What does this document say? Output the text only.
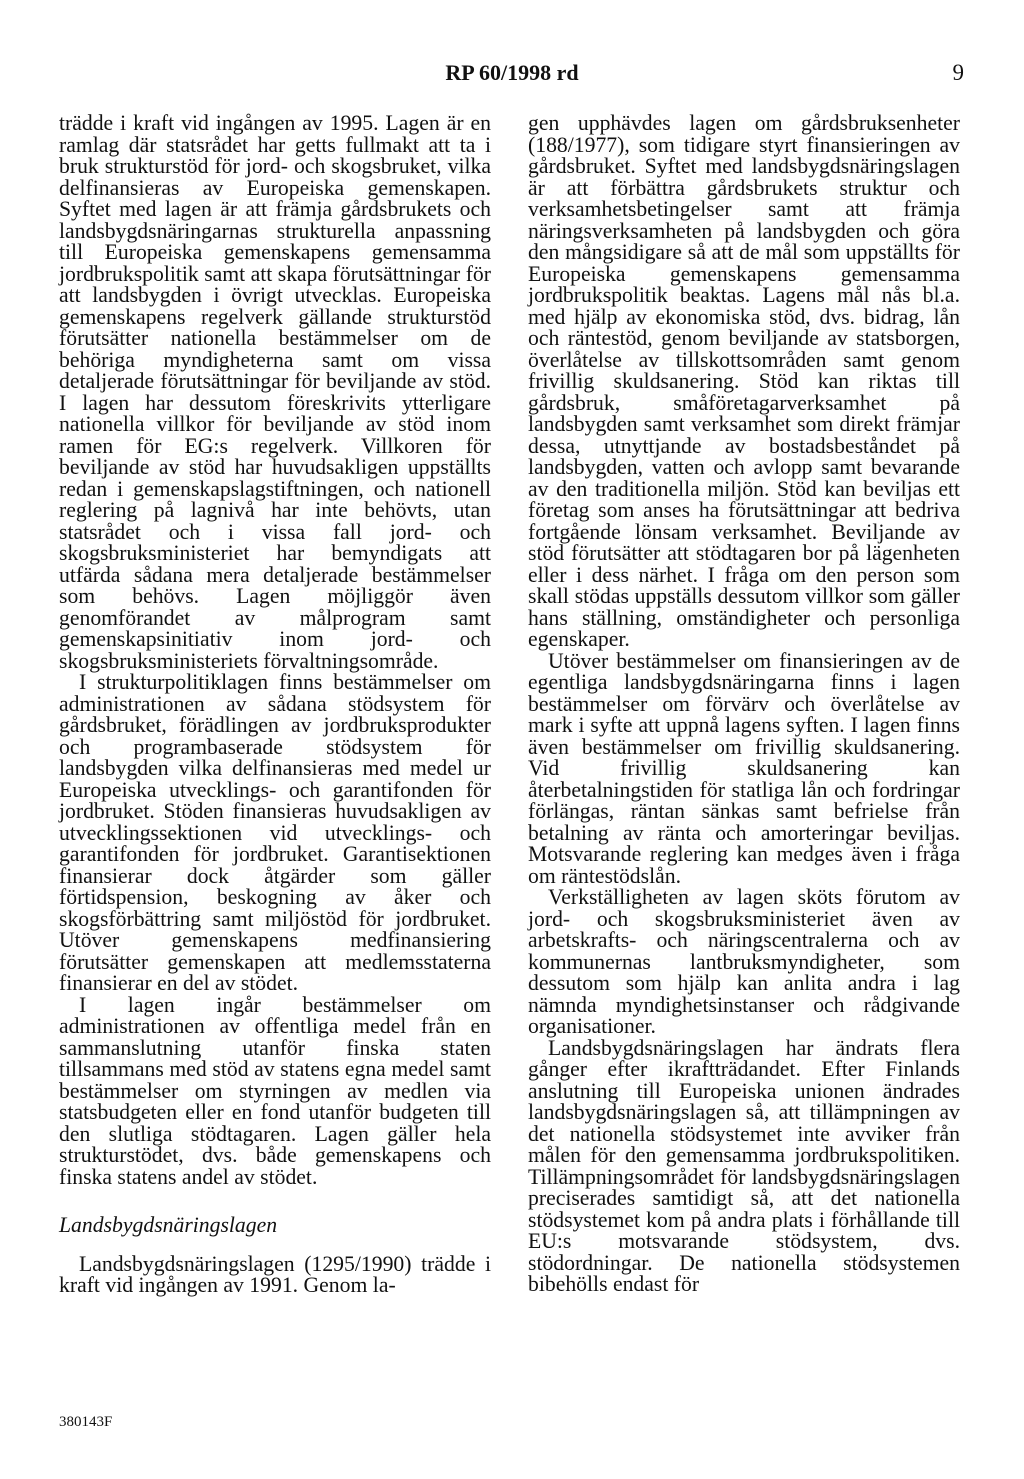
RP 60/1998 rd	9

trädde i kraft vid ingången av 1995. Lagen är en ramlag där statsrådet har getts fullmakt att ta i bruk strukturstöd för jord- och skogsbruket, vilka delfinansieras av Europeiska gemenskapen. Syftet med lagen är att främja gårdsbrukets och landsbygdsnäringarnas strukturella anpassning till Europeiska gemenskapens gemensamma jordbrukspolitik samt att skapa förutsättningar för att landsbygden i övrigt utvecklas. Europeiska gemenskapens regelverk gällande strukturstöd förutsätter nationella bestämmelser om de behöriga myndigheterna samt om vissa detaljerade förutsättningar för beviljande av stöd. I lagen har dessutom föreskrivits ytterligare nationella villkor för beviljande av stöd inom ramen för EG:s regelverk. Villkoren för beviljande av stöd har huvudsakligen uppställts redan i gemenskapslagstiftningen, och nationell reglering på lagnivå har inte behövts, utan statsrådet och i vissa fall jord- och skogsbruksministeriet har bemyndigats att utfärda sådana mera detaljerade bestämmelser som behövs. Lagen möjliggör även genomförandet av målprogram samt gemenskapsinitiativ inom jord- och skogsbruksministeriets förvaltningsområde.

I strukturpolitiklagen finns bestämmelser om administrationen av sådana stödsystem för gårdsbruket, förädlingen av jordbruksprodukter och programbaserade stödsystem för landsbygden vilka delfinansieras med medel ur Europeiska utvecklings- och garantifonden för jordbruket. Stöden finansieras huvudsakligen av utvecklingssektionen vid utvecklings- och garantifonden för jordbruket. Garantisektionen finansierar dock åtgärder som gäller förtidspension, beskogning av åker och skogsförbättring samt miljöstöd för jordbruket. Utöver gemenskapens medfinansiering förutsätter gemenskapen att medlemsstaterna finansierar en del av stödet.

I lagen ingår bestämmelser om administrationen av offentliga medel från en sammanslutning utanför finska staten tillsammans med stöd av statens egna medel samt bestämmelser om styrningen av medlen via statsbudgeten eller en fond utanför budgeten till den slutliga stödtagaren. Lagen gäller hela strukturstödet, dvs. både gemenskapens och finska statens andel av stödet.

Landsbygdsnäringslagen

Landsbygdsnäringslagen (1295/1990) trädde i kraft vid ingången av 1991. Genom la-

gen upphävdes lagen om gårdsbruksenheter (188/1977), som tidigare styrt finansieringen av gårdsbruket. Syftet med landsbygdsnäringslagen är att förbättra gårdsbrukets struktur och verksamhetsbetingelser samt att främja näringsverksamheten på landsbygden och göra den mångsidigare så att de mål som uppställts för Europeiska gemenskapens gemensamma jordbrukspolitik beaktas. Lagens mål nås bl.a. med hjälp av ekonomiska stöd, dvs. bidrag, lån och räntestöd, genom beviljande av statsborgen, överlåtelse av tillskottsområden samt genom frivillig skuldsanering. Stöd kan riktas till gårdsbruk, småföretagarverksamhet på landsbygden samt verksamhet som direkt främjar dessa, utnyttjande av bostadsbeståndet på landsbygden, vatten och avlopp samt bevarande av den traditionella miljön. Stöd kan beviljas ett företag som anses ha förutsättningar att bedriva fortgående lönsam verksamhet. Beviljande av stöd förutsätter att stödtagaren bor på lägenheten eller i dess närhet. I fråga om den person som skall stödas uppställs dessutom villkor som gäller hans ställning, omständigheter och personliga egenskaper.

Utöver bestämmelser om finansieringen av de egentliga landsbygdsnäringarna finns i lagen bestämmelser om förvärv och överlåtelse av mark i syfte att uppnå lagens syften. I lagen finns även bestämmelser om frivillig skuldsanering. Vid frivillig skuldsanering kan återbetalningstiden för statliga lån och fordringar förlängas, räntan sänkas samt befrielse från betalning av ränta och amorteringar beviljas. Motsvarande reglering kan medges även i fråga om räntestödslån.

Verkställigheten av lagen sköts förutom av jord- och skogsbruksministeriet även av arbetskrafts- och näringscentralerna och av kommunernas lantbruksmyndigheter, som dessutom som hjälp kan anlita andra i lag nämnda myndighetsinstanser och rådgivande organisationer.

Landsbygdsnäringslagen har ändrats flera gånger efter ikraftträdandet. Efter Finlands anslutning till Europeiska unionen ändrades landsbygdsnäringslagen så, att tillämpningen av det nationella stödsystemet inte avviker från målen för den gemensamma jordbrukspolitiken. Tillämpningsområdet för landsbygdsnäringslagen preciserades samtidigt så, att det nationella stödsystemet kom på andra plats i förhållande till EU:s motsvarande stödsystem, dvs. stödordningar. De nationella stödsystemen bibehölls endast för

380143F
